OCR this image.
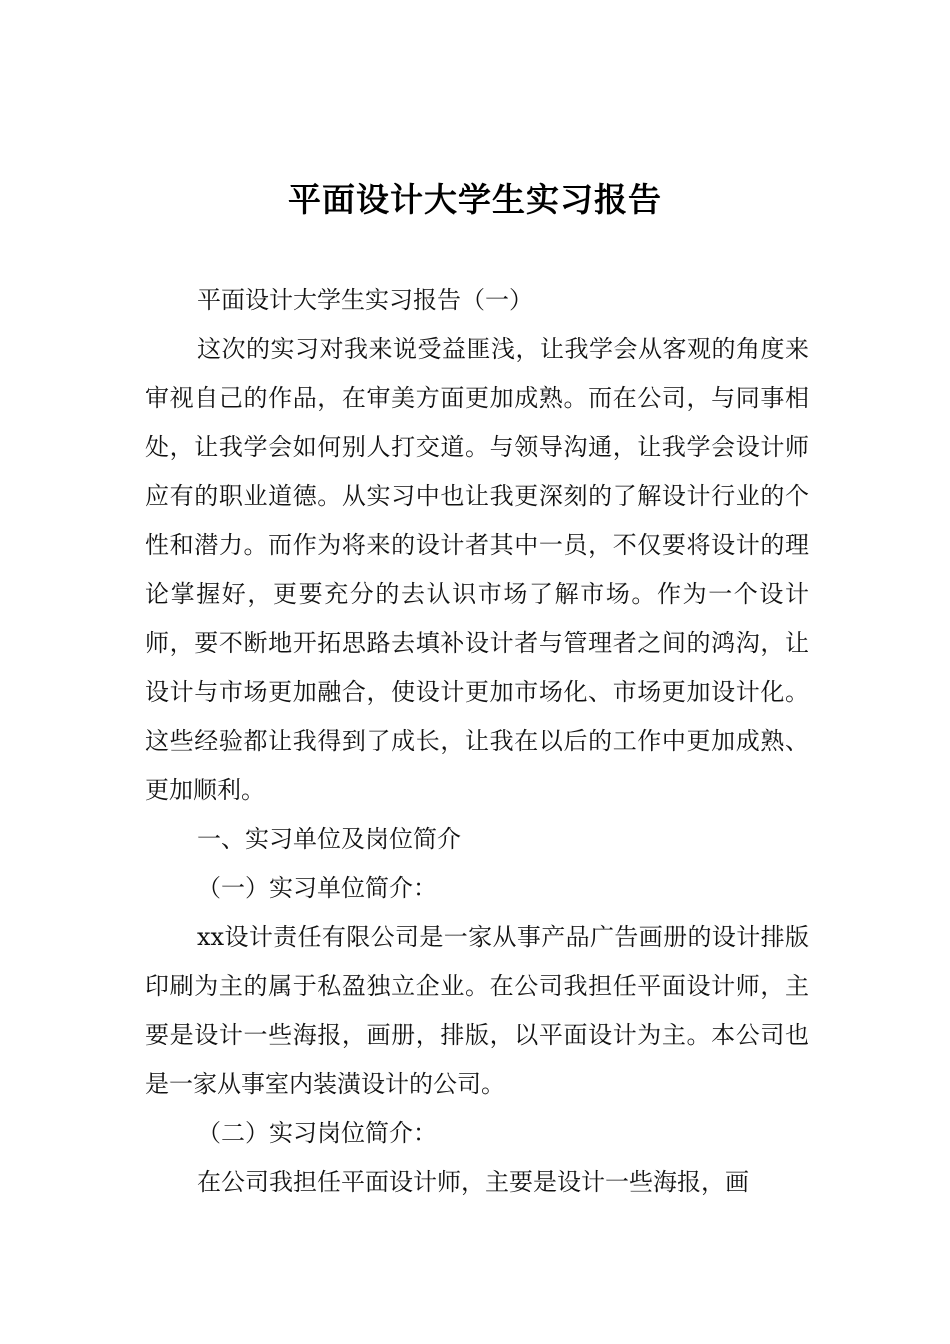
平面设计大学生实习报告

平面设计大学生实习报告（一）

这次的实习对我来说受益匪浅，让我学会从客观的角度来审视自己的作品，在审美方面更加成熟。而在公司，与同事相处，让我学会如何别人打交道。与领导沟通，让我学会设计师应有的职业道德。从实习中也让我更深刻的了解设计行业的个性和潜力。而作为将来的设计者其中一员，不仅要将设计的理论掌握好，更要充分的去认识市场了解市场。作为一个设计师，要不断地开拓思路去填补设计者与管理者之间的鸿沟，让设计与市场更加融合，使设计更加市场化、市场更加设计化。这些经验都让我得到了成长，让我在以后的工作中更加成熟、更加顺利。

一、实习单位及岗位简介

（一）实习单位简介：

xx设计责任有限公司是一家从事产品广告画册的设计排版印刷为主的属于私盈独立企业。在公司我担任平面设计师，主要是设计一些海报，画册，排版，以平面设计为主。本公司也是一家从事室内装潢设计的公司。

（二）实习岗位简介：

在公司我担任平面设计师，主要是设计一些海报，画
